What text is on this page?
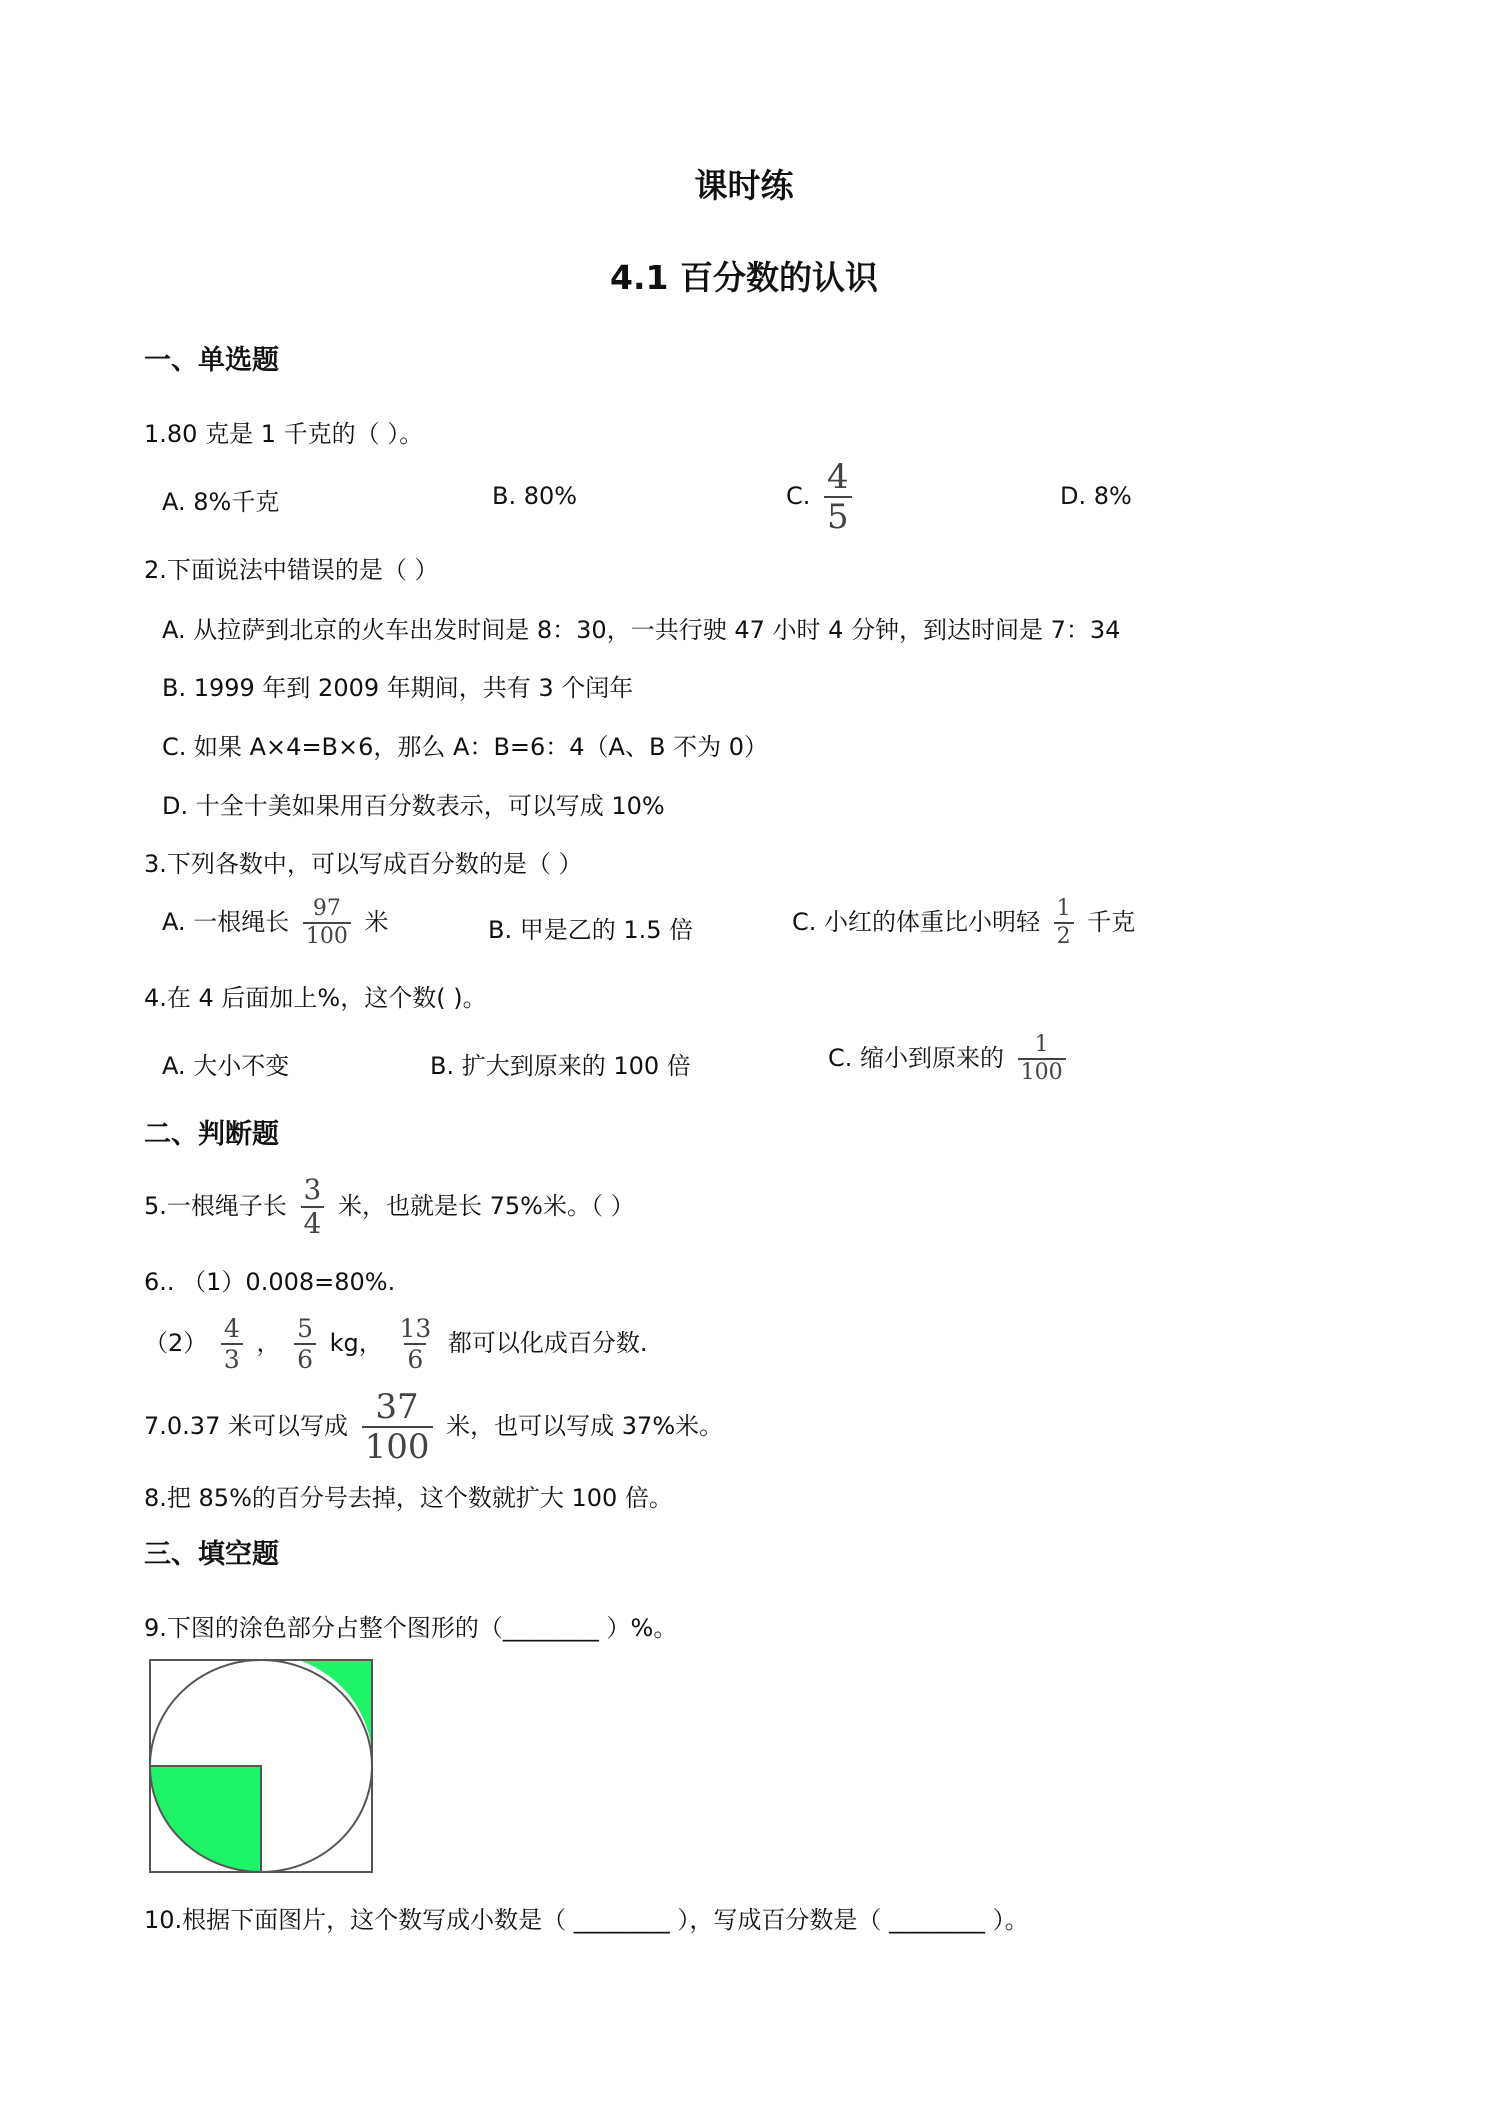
课时练
4.1 百分数的认识
一、单选题
1.80 克是 1 千克的（ ）。
A. 8%千克	B. 80%	C. $\frac{4}{5}$	D. 8%
2.下面说法中错误的是（ ）
A. 从拉萨到北京的火车出发时间是 8：30，一共行驶 47 小时 4 分钟，到达时间是 7：34
B. 1999 年到 2009 年期间，共有 3 个闰年
C. 如果 A×4=B×6，那么 A：B=6：4（A、B 不为 0）
D. 十全十美如果用百分数表示，可以写成 10%
3.下列各数中，可以写成百分数的是（ ）
A. 一根绳长 $\frac{97}{100}$ 米	B. 甲是乙的 1.5 倍	C. 小红的体重比小明轻 $\frac{1}{2}$ 千克
4.在 4 后面加上%，这个数( )。
A. 大小不变	B. 扩大到原来的 100 倍	C. 缩小到原来的 $\frac{1}{100}$
二、判断题
5.一根绳子长 $\frac{3}{4}$ 米，也就是长 75%米。（ ）
6.. （1）0.008=80%.
$(2) \frac{4}{3}$ ， $\frac{5}{6}$ kg， $\frac{13}{6}$ 都可以化成百分数.
7.0.37 米可以写成 $\frac{37}{100}$ 米，也可以写成 37%米。
8.把 85%的百分号去掉，这个数就扩大 100 倍。
三、填空题
9.下图的涂色部分占整个图形的（________ ）%。
10.根据下面图片，这个数写成小数是（ ________ ），写成百分数是（ ________ ）。
